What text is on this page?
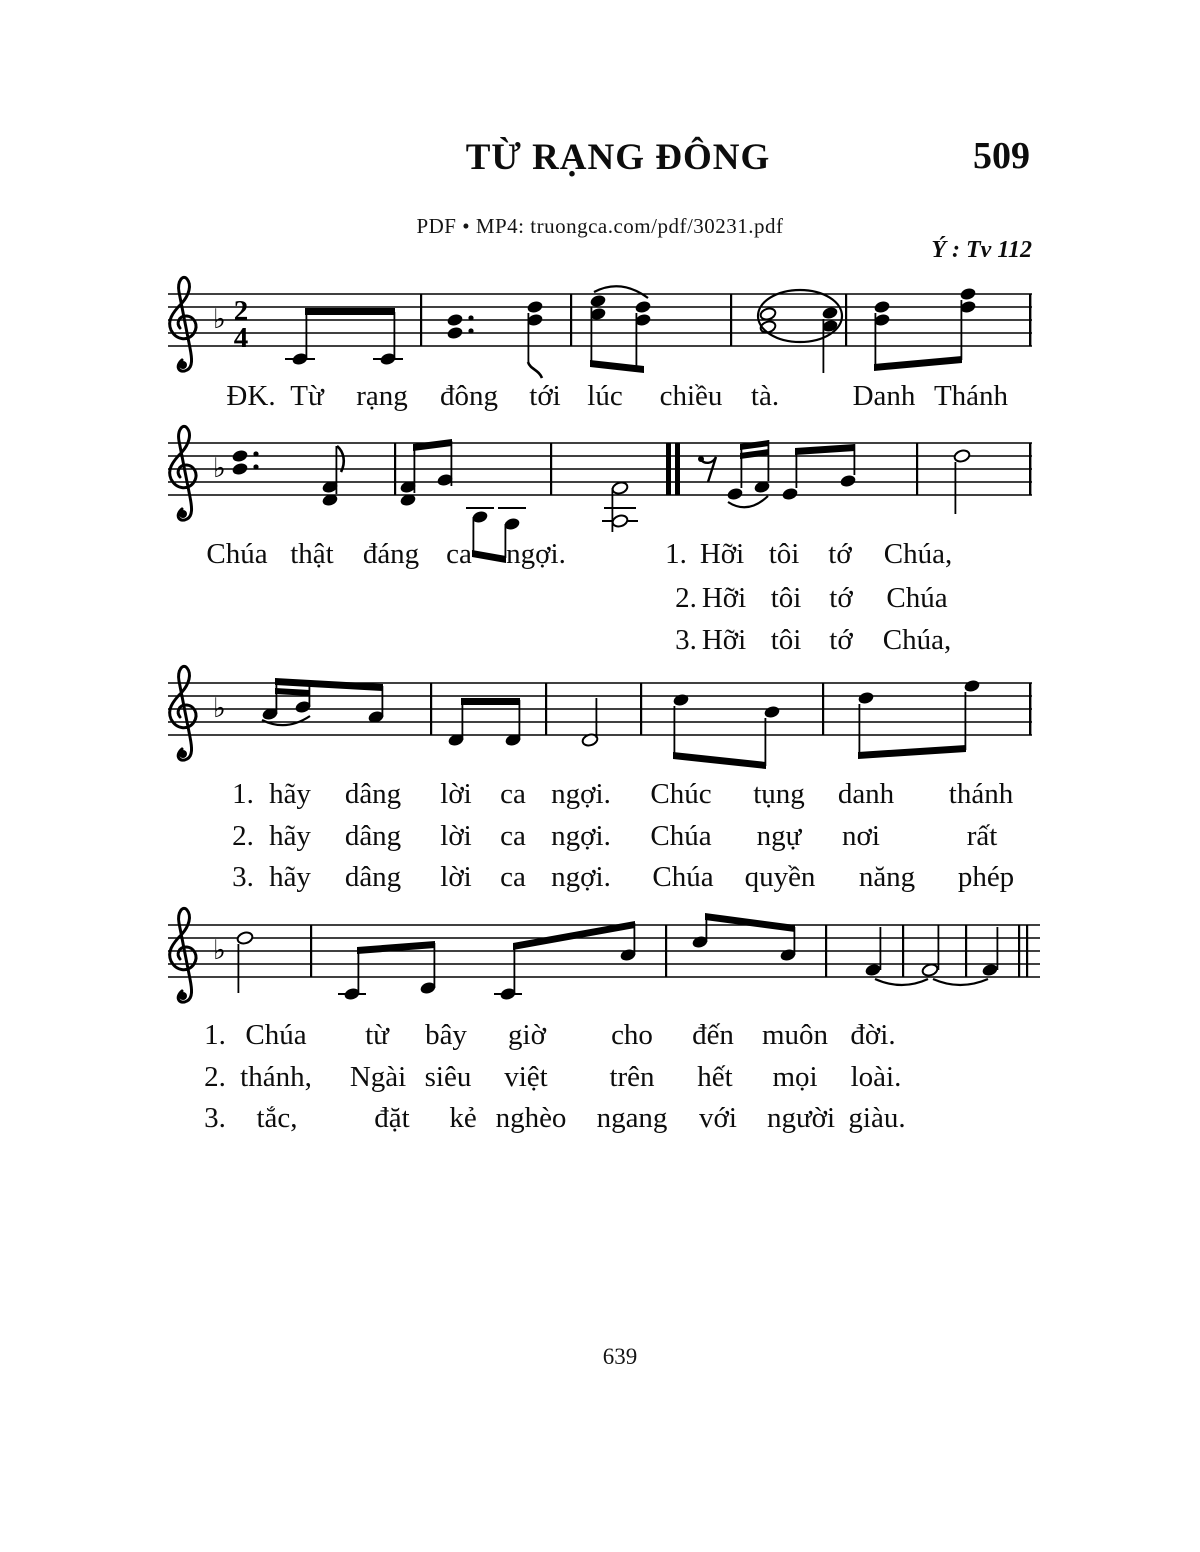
TỪ RẠNG ĐÔNG	509
PDF • MP4: truongca.com/pdf/30231.pdf
Ý : Tv 112
♭ 2
4
♭
♭
♭
ĐK. Từ rạng đông tới lúc chiều tà.	Danh Thánh
Chúa thật đáng ca ngợi.	1. Hỡi tôi tớ Chúa,
2. Hỡi tôi tớ Chúa
3. Hỡi tôi tớ Chúa,
1. hãy dâng lời ca ngợi. Chúc tụng danh thánh
2. hãy dâng lời ca ngợi. Chúa ngự nơi	rất
3. hãy dâng lời ca ngợi. Chúa quyền năng phép
1. Chúa từ bây giờ cho đến muôn đời.
2. thánh, Ngài siêu việt trên hết mọi loài.
3. tắc,	đặt kẻ nghèo ngang với người giàu.
639
